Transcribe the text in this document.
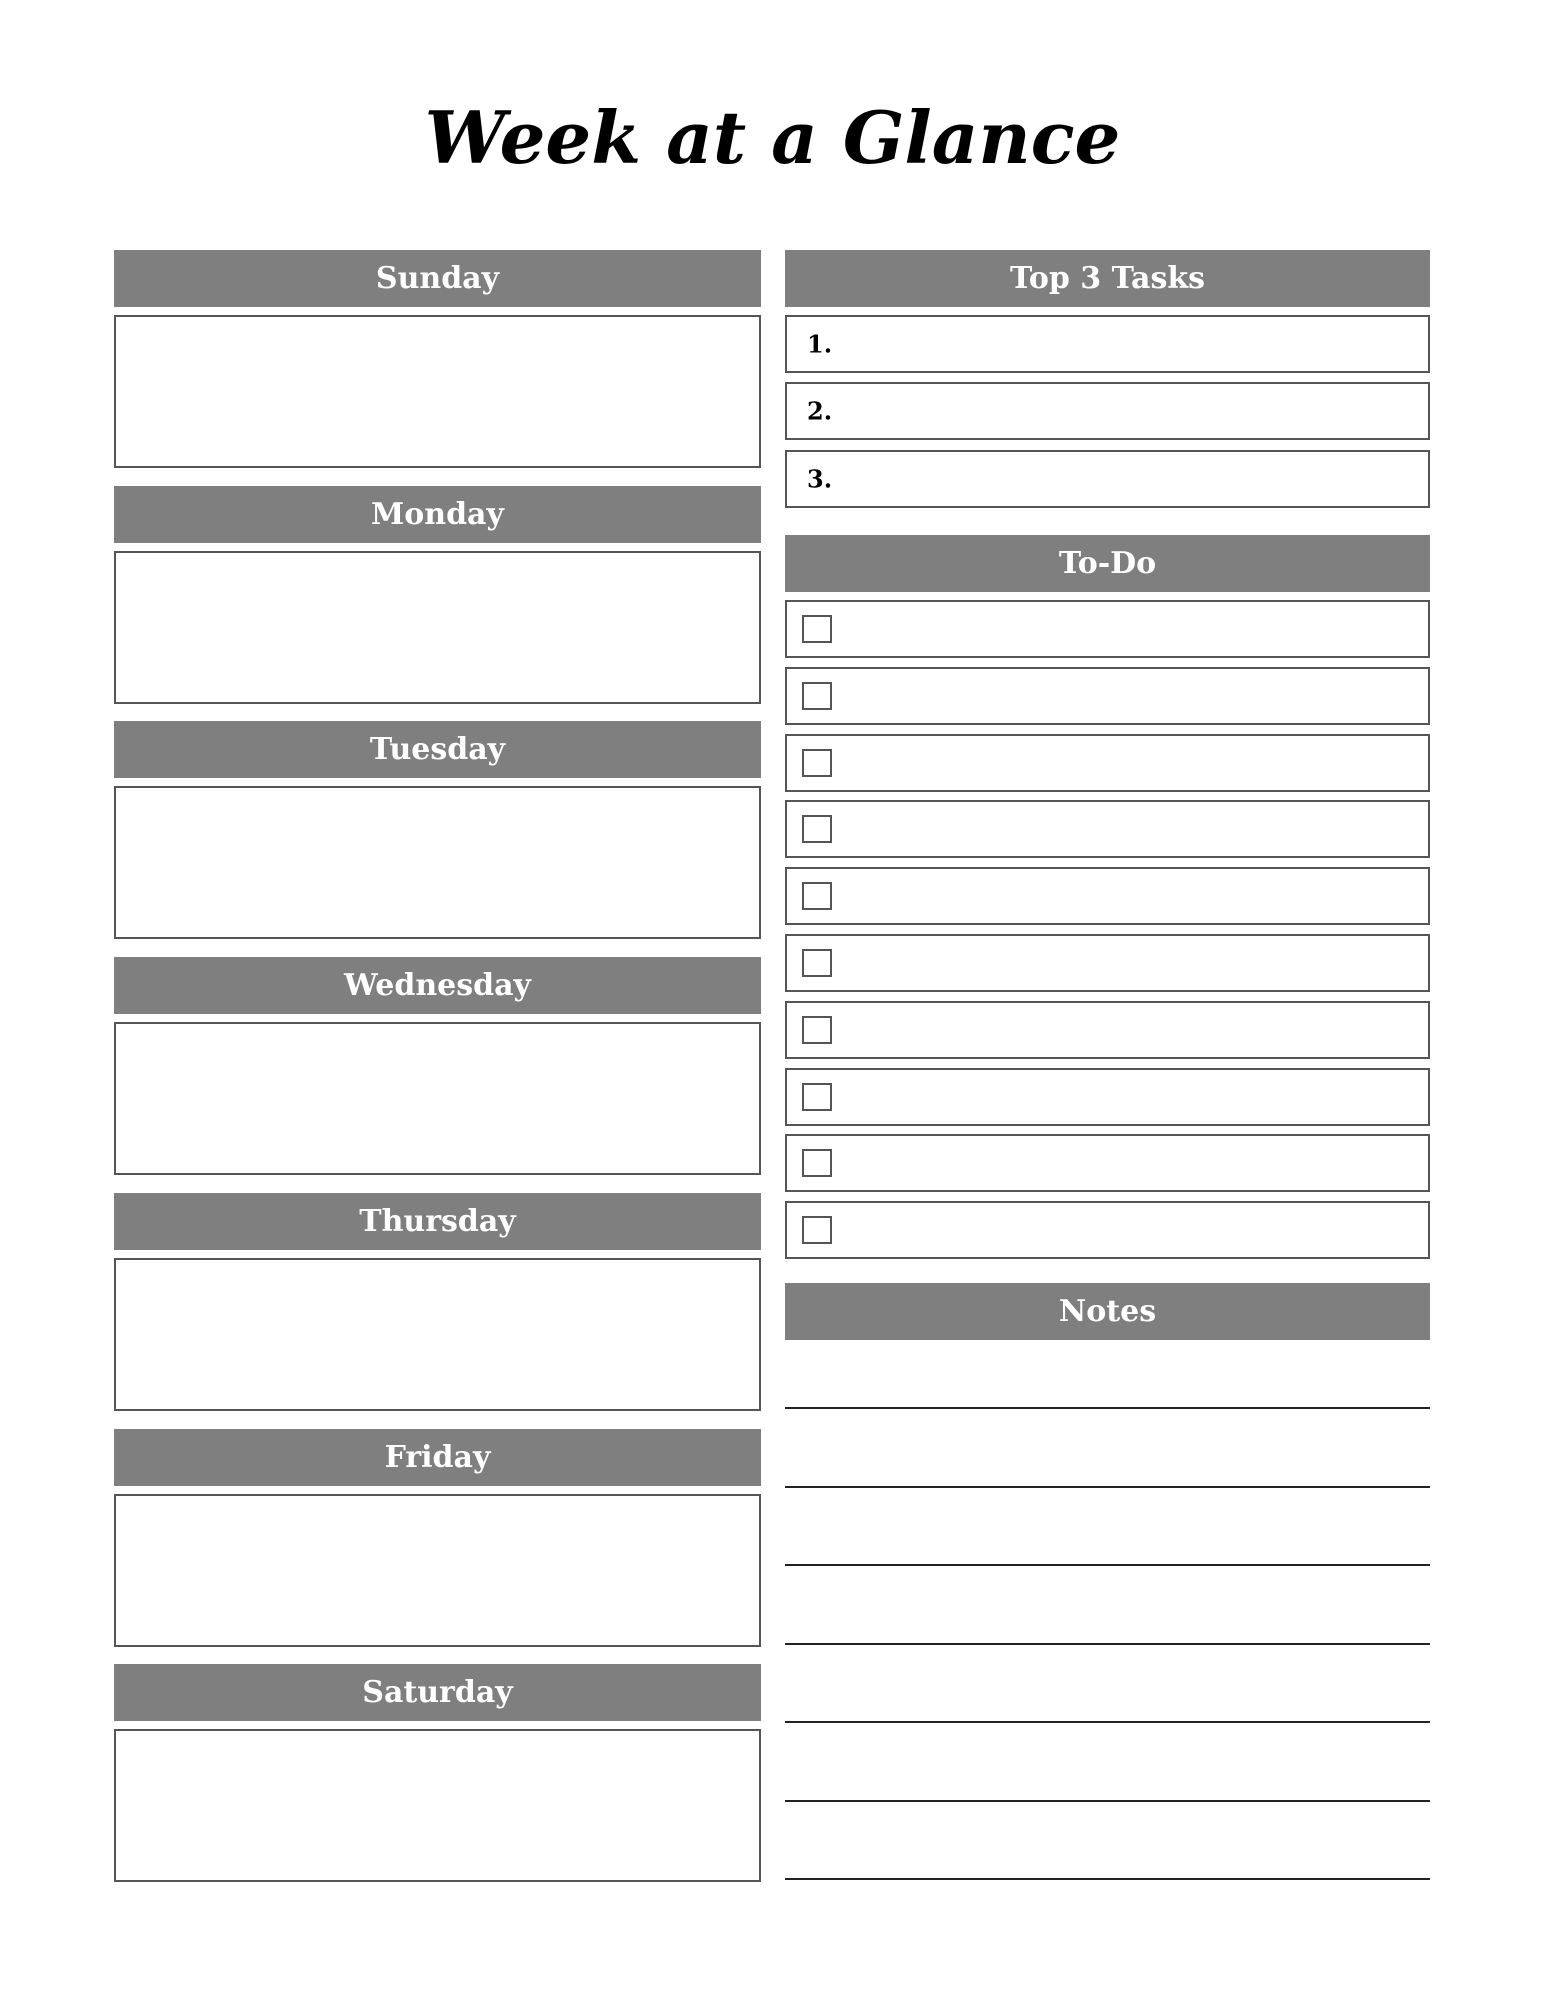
Week at a Glance
Sunday
Monday
Tuesday
Wednesday
Thursday
Friday
Saturday
Top 3 Tasks
1.
2.
3.
To-Do
Notes
